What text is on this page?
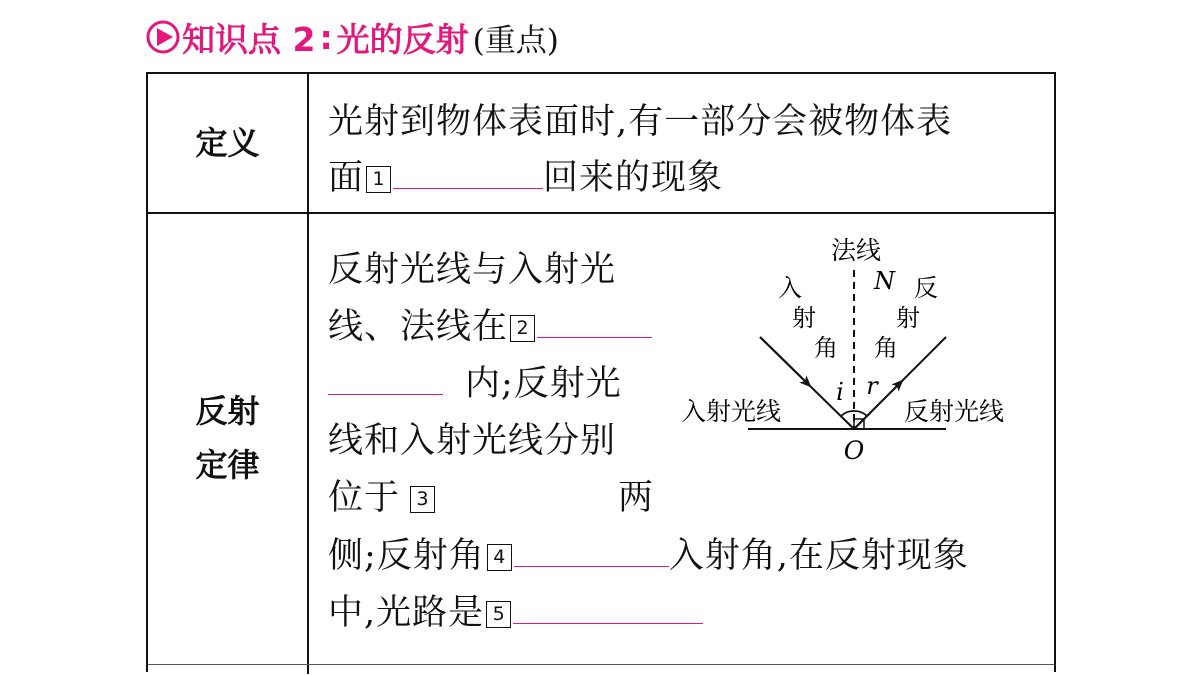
知识点 2 : 光的反射 (重点)
定义
光射到物体表面时,有一部分会被物体表
面 1	回来的现象
反射
定律
反射光线与入射光
线、法线在 2
内;反射光
线和入射光线分别
位于 3	两
侧;反射角 4	入射角,在反射现象
中,光路是 5
法线
N
入
射
角
反
射
角
i r
入射光线	反射光线
O
